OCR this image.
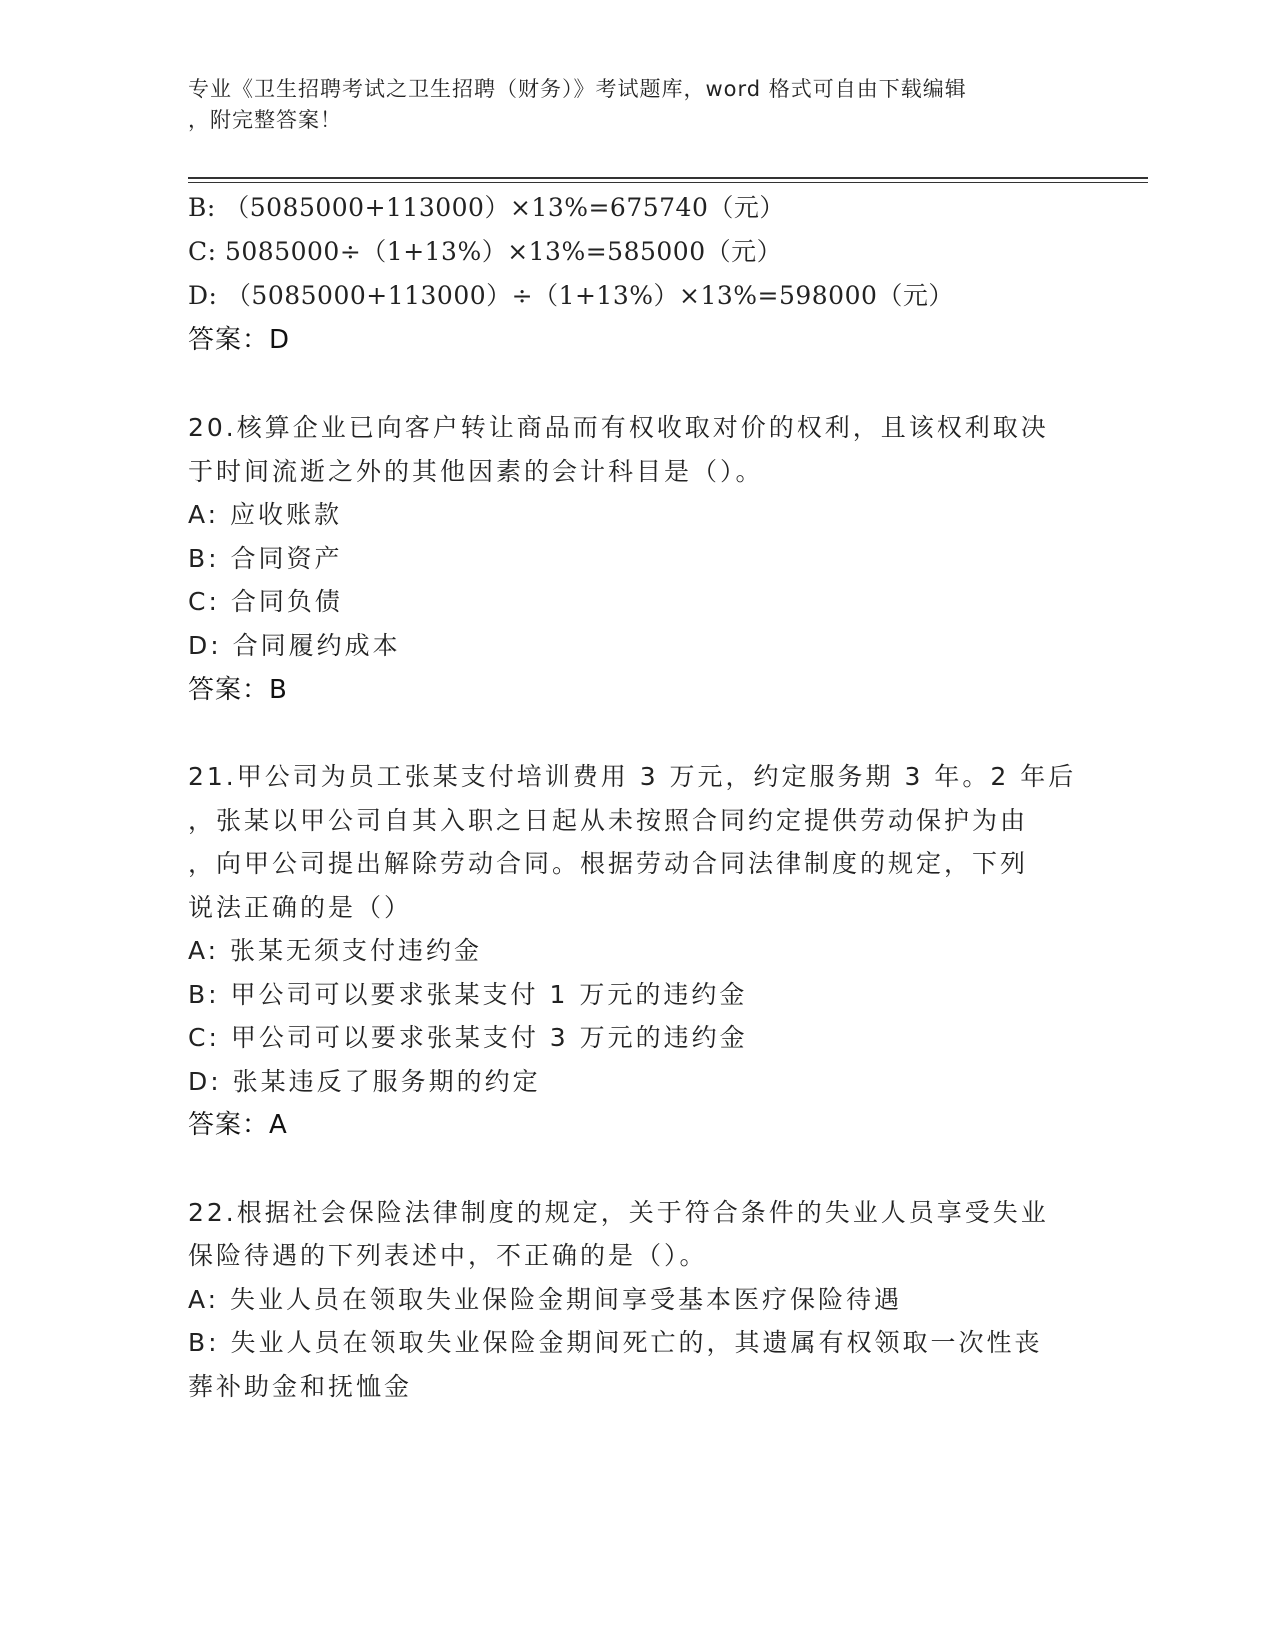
专业《卫生招聘考试之卫生招聘（财务）》考试题库，word 格式可自由下载编辑
，附完整答案！
B: （5085000+113000）×13%=675740（元）
C: 5085000÷（1+13%）×13%=585000（元）
D: （5085000+113000）÷（1+13%）×13%=598000（元）
答案：D
20.核算企业已向客户转让商品而有权收取对价的权利，且该权利取决
于时间流逝之外的其他因素的会计科目是（）。
A: 应收账款
B: 合同资产
C: 合同负债
D: 合同履约成本
答案：B
21.甲公司为员工张某支付培训费用 3 万元，约定服务期 3 年。2 年后
，张某以甲公司自其入职之日起从未按照合同约定提供劳动保护为由
，向甲公司提出解除劳动合同。根据劳动合同法律制度的规定，下列
说法正确的是（）
A: 张某无须支付违约金
B: 甲公司可以要求张某支付 1 万元的违约金
C: 甲公司可以要求张某支付 3 万元的违约金
D: 张某违反了服务期的约定
答案：A
22.根据社会保险法律制度的规定，关于符合条件的失业人员享受失业
保险待遇的下列表述中，不正确的是（）。
A: 失业人员在领取失业保险金期间享受基本医疗保险待遇
B: 失业人员在领取失业保险金期间死亡的，其遗属有权领取一次性丧
葬补助金和抚恤金
